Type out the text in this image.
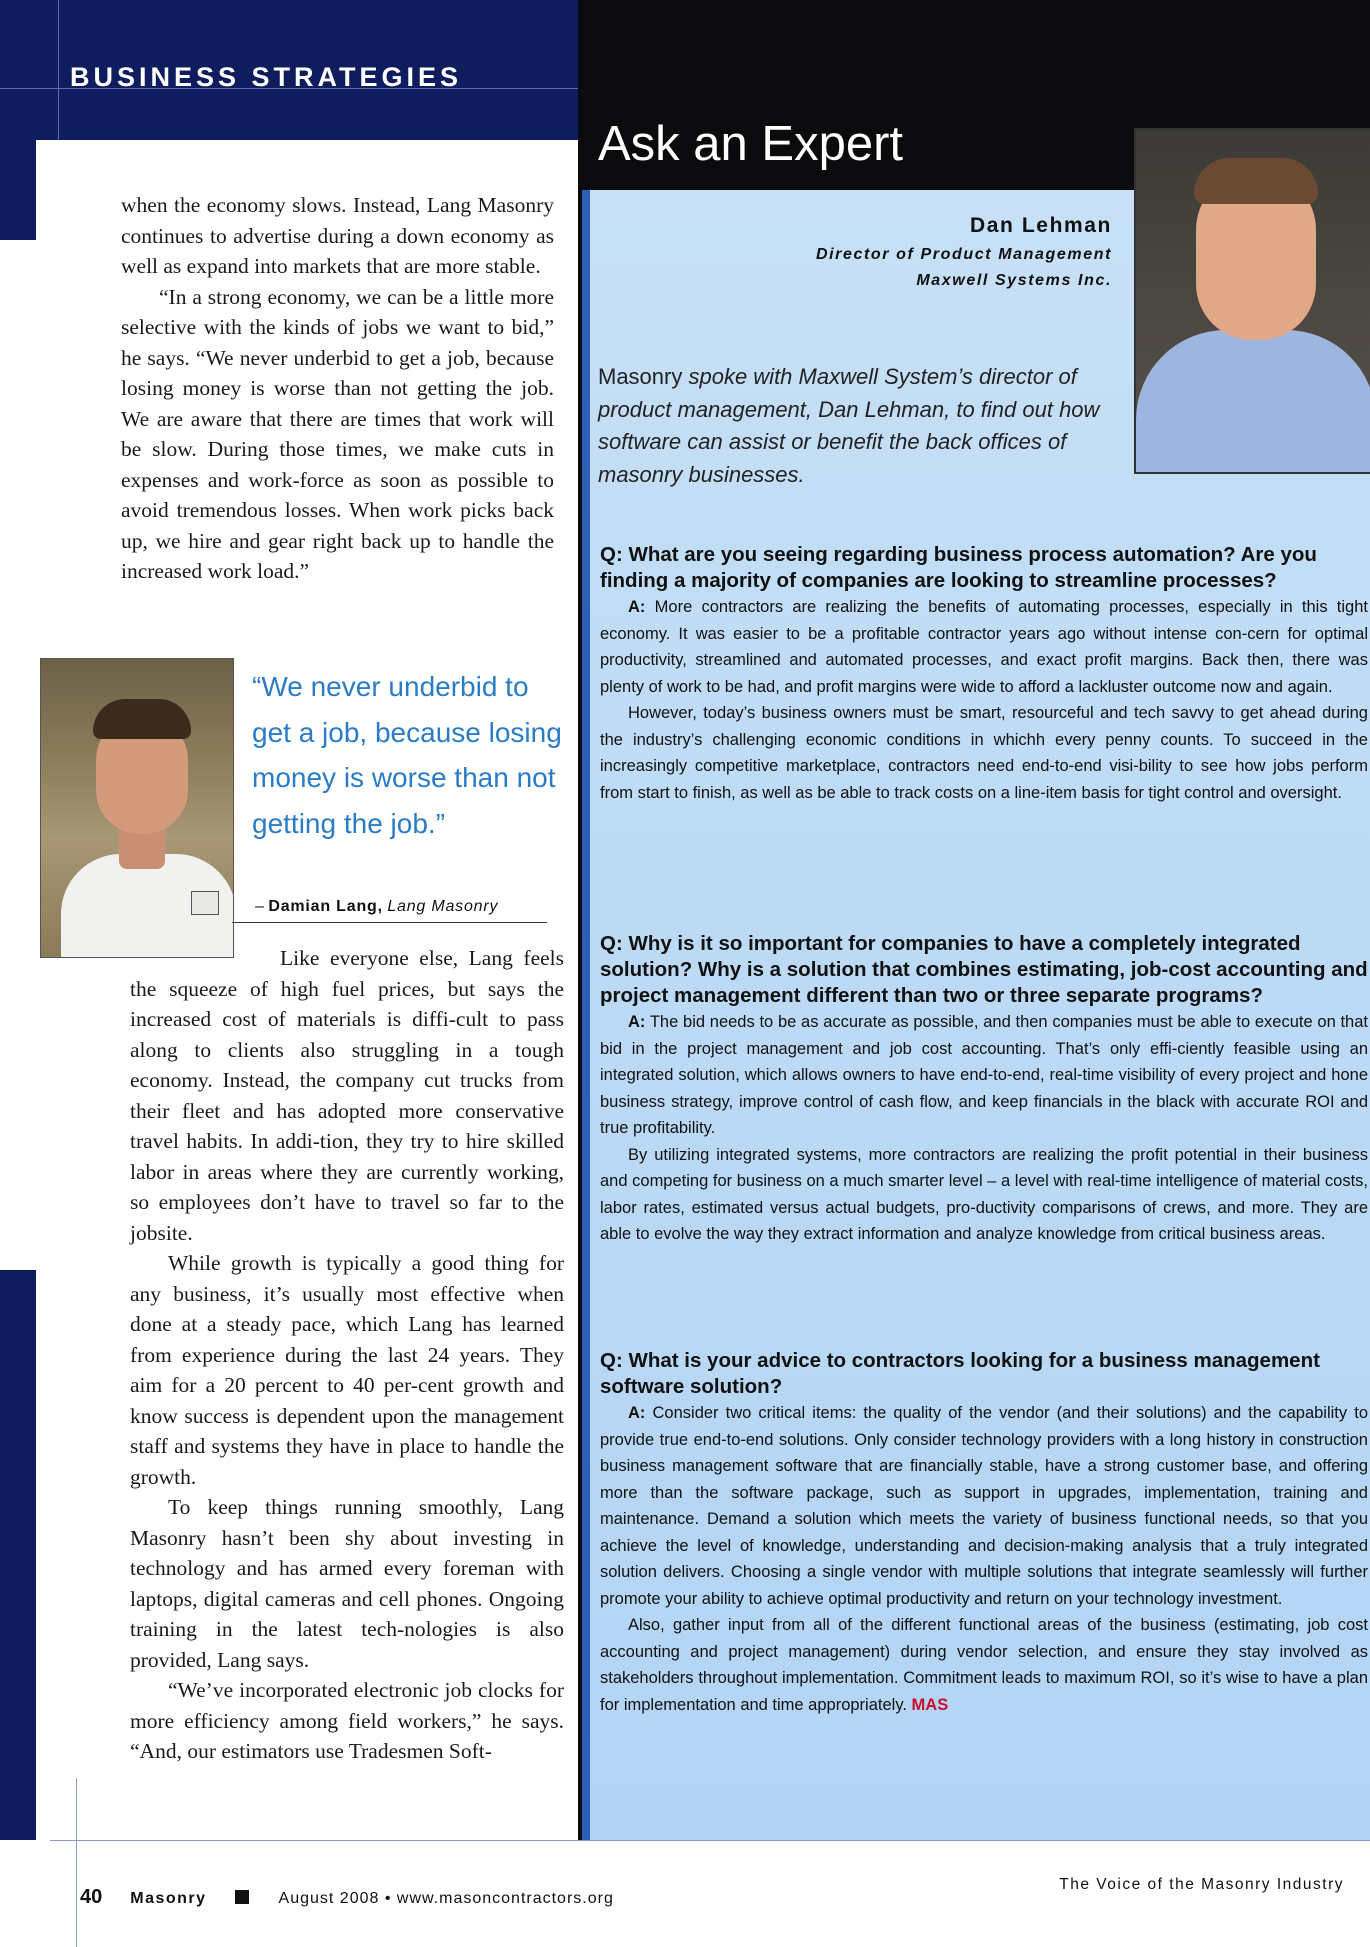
BUSINESS STRATEGIES

when the economy slows. Instead, Lang Masonry continues to advertise during a down economy as well as expand into markets that are more stable.

“In a strong economy, we can be a little more selective with the kinds of jobs we want to bid,” he says. “We never underbid to get a job, because losing money is worse than not getting the job. We are aware that there are times that work will be slow. During those times, we make cuts in expenses and work-force as soon as possible to avoid tremendous losses. When work picks back up, we hire and gear right back up to handle the increased work load.”

“We never underbid to get a job, because losing money is worse than not getting the job.”

– Damian Lang, Lang Masonry

Like everyone else, Lang feels the squeeze of high fuel prices, but says the increased cost of materials is diffi-cult to pass along to clients also struggling in a tough economy. Instead, the company cut trucks from their fleet and has adopted more conservative travel habits. In addi-tion, they try to hire skilled labor in areas where they are currently working, so employees don’t have to travel so far to the jobsite.

While growth is typically a good thing for any business, it’s usually most effective when done at a steady pace, which Lang has learned from experience during the last 24 years. They aim for a 20 percent to 40 per-cent growth and know success is dependent upon the management staff and systems they have in place to handle the growth.

To keep things running smoothly, Lang Masonry hasn’t been shy about investing in technology and has armed every foreman with laptops, digital cameras and cell phones. Ongoing training in the latest tech-nologies is also provided, Lang says.

“We’ve incorporated electronic job clocks for more efficiency among field workers,” he says. “And, our estimators use Tradesmen Soft-

Ask an Expert

Dan Lehman

Director of Product Management

Maxwell Systems Inc.

Masonry spoke with Maxwell System’s director of product management, Dan Lehman, to find out how software can assist or benefit the back offices of masonry businesses.

Q: What are you seeing regarding business process automation? Are you finding a majority of companies are looking to streamline processes?

A: More contractors are realizing the benefits of automating processes, especially in this tight economy. It was easier to be a profitable contractor years ago without intense con-cern for optimal productivity, streamlined and automated processes, and exact profit margins. Back then, there was plenty of work to be had, and profit margins were wide to afford a lackluster outcome now and again.

However, today’s business owners must be smart, resourceful and tech savvy to get ahead during the industry’s challenging economic conditions in whichh every penny counts. To succeed in the increasingly competitive marketplace, contractors need end-to-end visi-bility to see how jobs perform from start to finish, as well as be able to track costs on a line-item basis for tight control and oversight.

Q: Why is it so important for companies to have a completely integrated solution? Why is a solution that combines estimating, job-cost accounting and project management different than two or three separate programs?

A: The bid needs to be as accurate as possible, and then companies must be able to execute on that bid in the project management and job cost accounting. That’s only effi-ciently feasible using an integrated solution, which allows owners to have end-to-end, real-time visibility of every project and hone business strategy, improve control of cash flow, and keep financials in the black with accurate ROI and true profitability.

By utilizing integrated systems, more contractors are realizing the profit potential in their business and competing for business on a much smarter level – a level with real-time intelligence of material costs, labor rates, estimated versus actual budgets, pro-ductivity comparisons of crews, and more. They are able to evolve the way they extract information and analyze knowledge from critical business areas.

Q: What is your advice to contractors looking for a business management software solution?

A: Consider two critical items: the quality of the vendor (and their solutions) and the capability to provide true end-to-end solutions. Only consider technology providers with a long history in construction business management software that are financially stable, have a strong customer base, and offering more than the software package, such as support in upgrades, implementation, training and maintenance. Demand a solution which meets the variety of business functional needs, so that you achieve the level of knowledge, understanding and decision-making analysis that a truly integrated solution delivers. Choosing a single vendor with multiple solutions that integrate seamlessly will further promote your ability to achieve optimal productivity and return on your technology investment.

Also, gather input from all of the different functional areas of the business (estimating, job cost accounting and project management) during vendor selection, and ensure they stay involved as stakeholders throughout implementation. Commitment leads to maximum ROI, so it’s wise to have a plan for implementation and time appropriately. MAS

40 Masonry	August 2008 • www.masoncontractors.org

The Voice of the Masonry Industry
